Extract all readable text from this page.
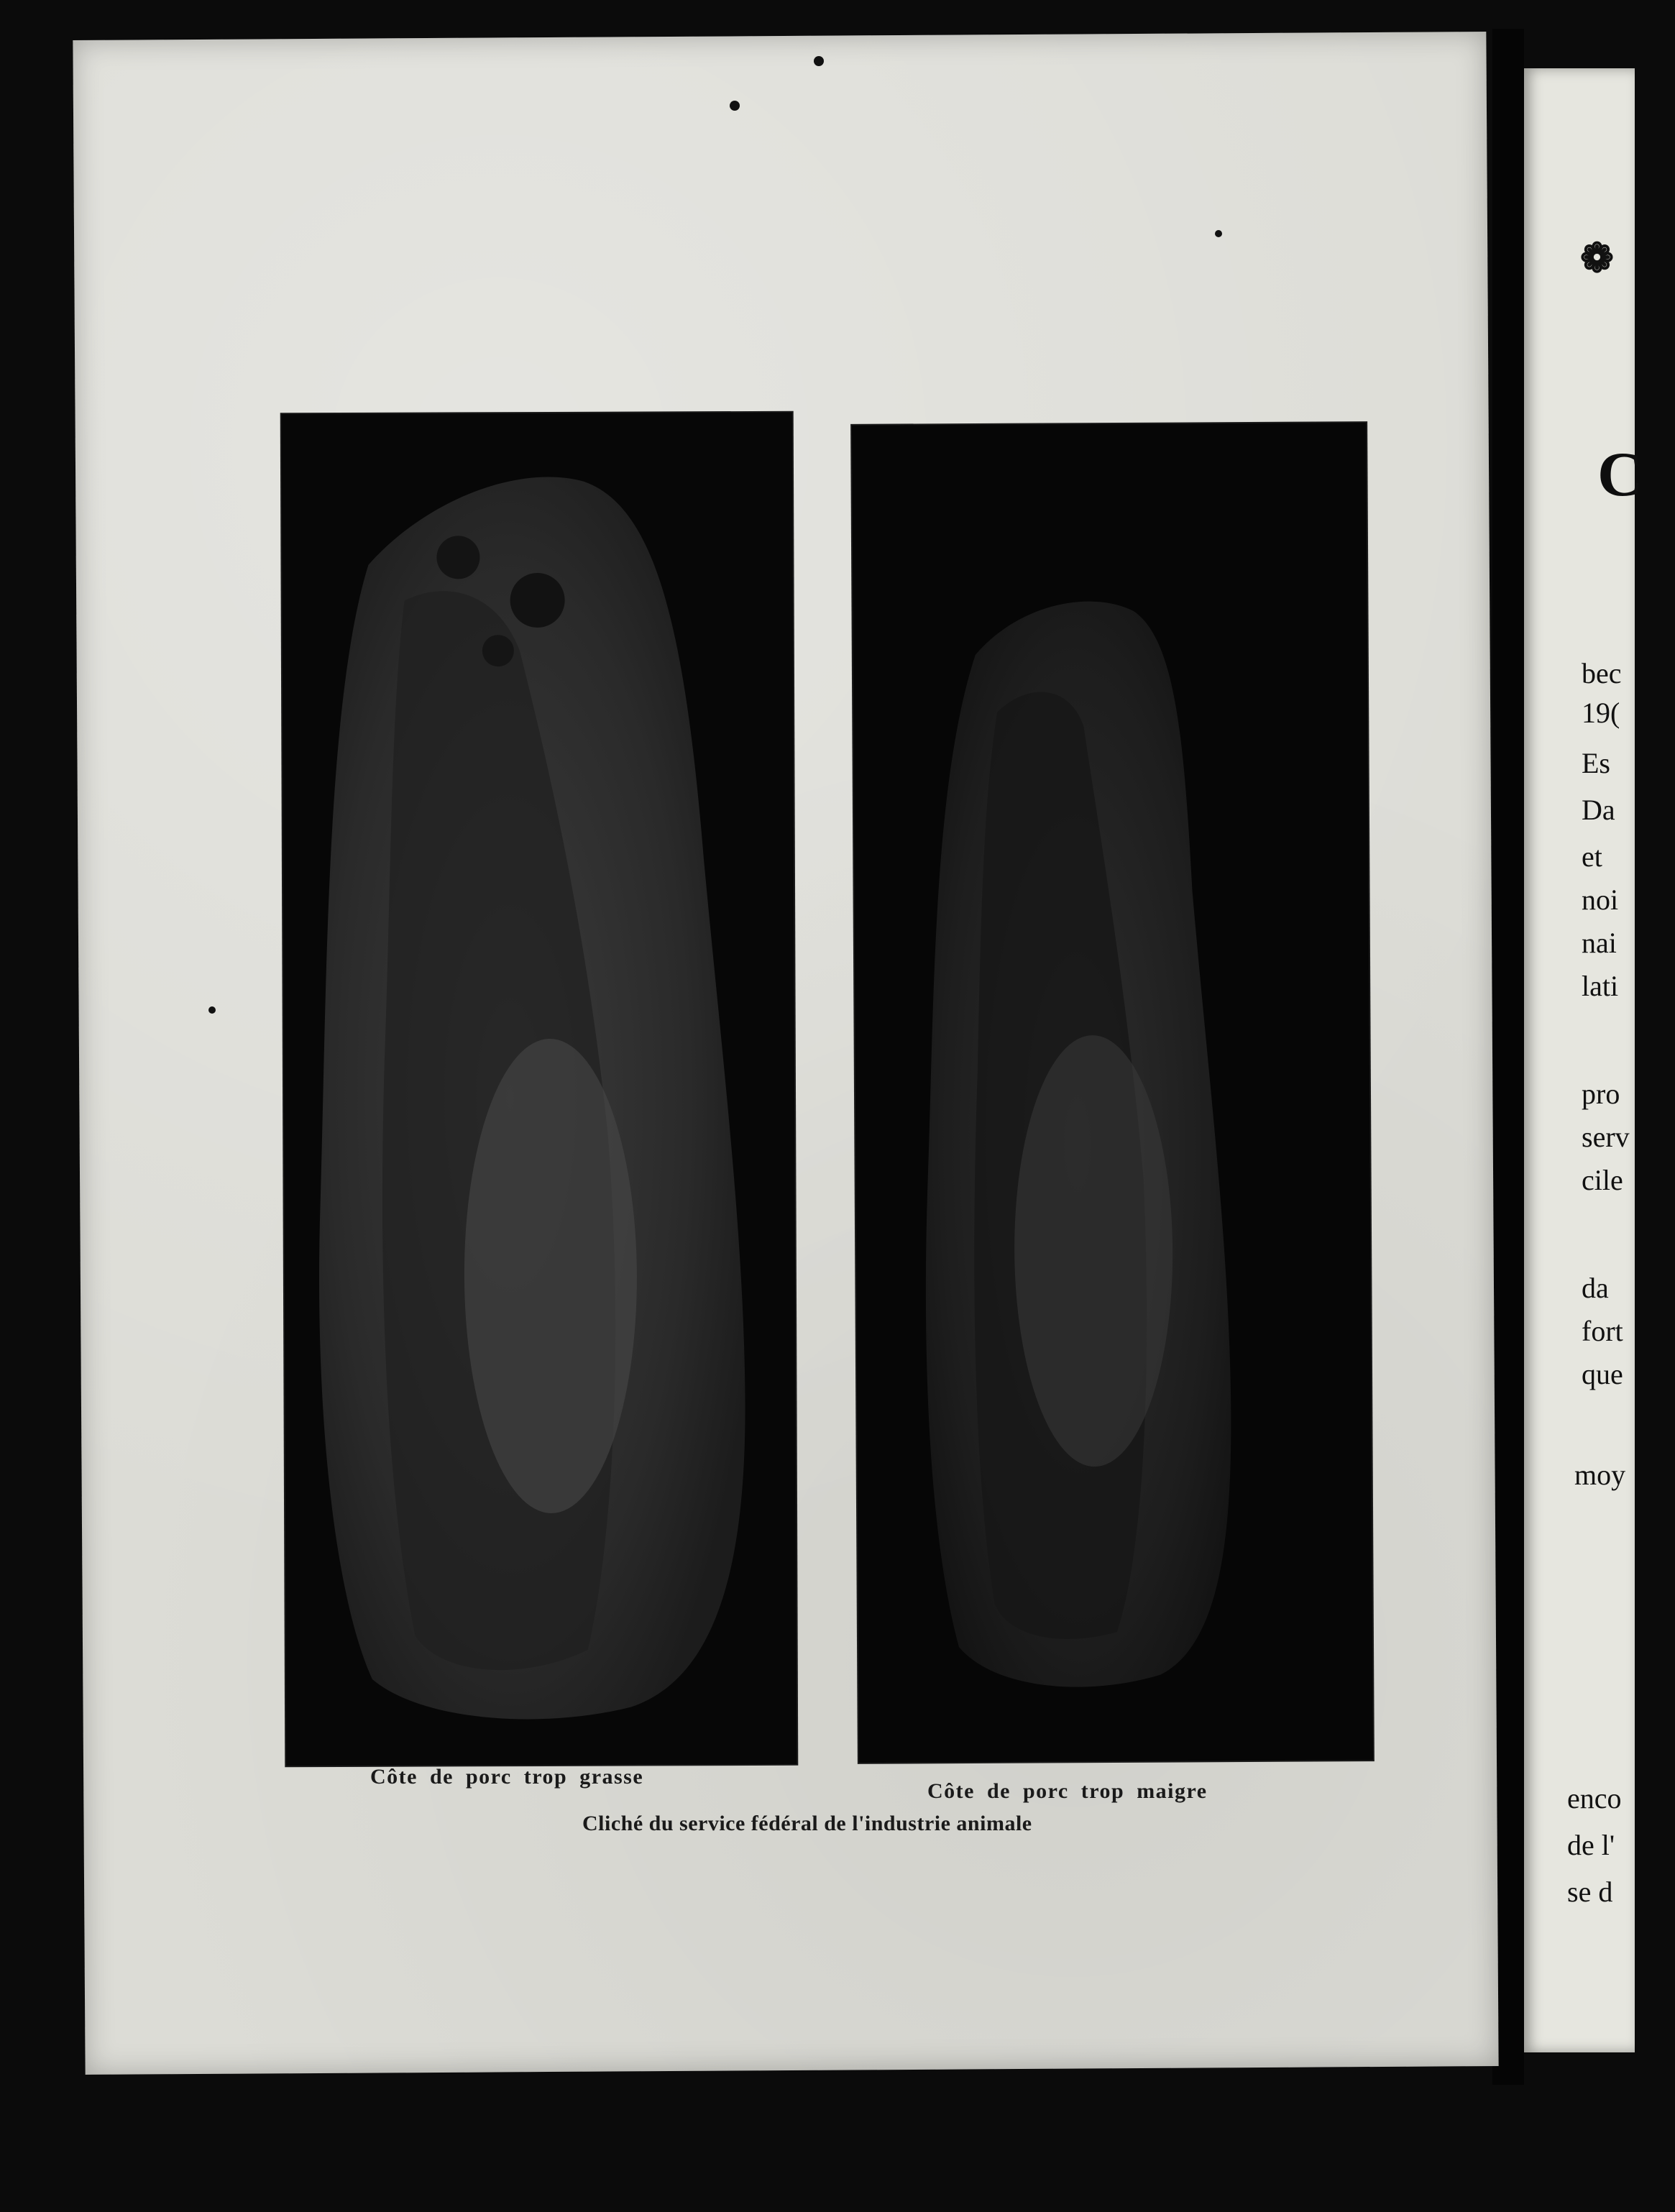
Côte de porc trop grasse
Côte de porc trop maigre
Cliché du service fédéral de l'industrie animale
❁
C
bec
19(
Es
Da
et
noi
nai
lati
pro
serv
cile
da
fort
que
moy
enco
de l'
se d
